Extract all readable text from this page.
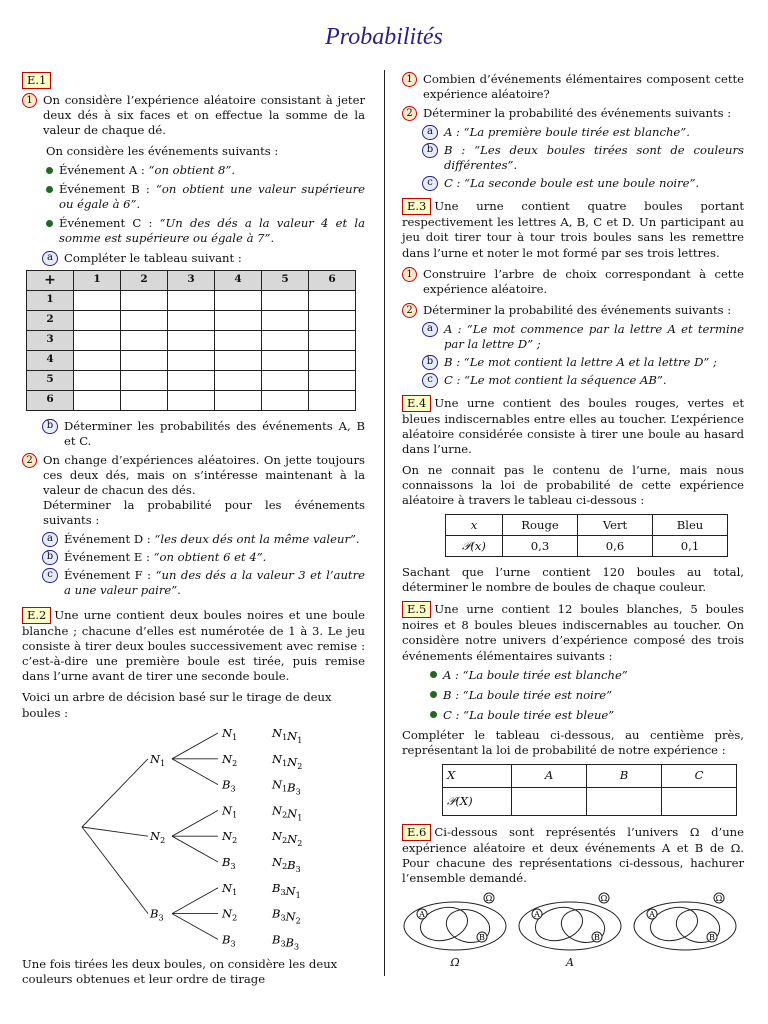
Probabilités
E.1
1 On considère l’expérience aléatoire consistant à jeter deux dés à six faces et on effectue la somme de la valeur de chaque dé.

On considère les événements suivants :

Événement A : “on obtient 8”.
Événement B : “on obtient une valeur supérieure ou égale à 6”.
Événement C : “Un des dés a la valeur 4 et la somme est supérieure ou égale à 7”.
a Compléter le tableau suivant :
+	1	2	3	4	5	6
1						
2						
3						
4						
5						
6						
b Déterminer les probabilités des événements A, B et C.
2 On change d’expériences aléatoires. On jette toujours ces deux dés, mais on s’intéresse maintenant à la valeur de chacun des dés.
Déterminer la probabilité pour les événements suivants :
a Événement D : “les deux dés ont la même valeur”.
b Événement E : “on obtient 6 et 4”.
c Événement F : “un des dés a la valeur 3 et l’autre a une valeur paire”.

E.2 Une urne contient deux boules noires et une boule blanche ; chacune d’elles est numérotée de 1 à 3. Le jeu consiste à tirer deux boules successivement avec remise : c’est-à-dire une première boule est tirée, puis remise dans l’urne avant de tirer une seconde boule.

Voici un arbre de décision basé sur le tirage de deux boules :

$N_1$
$N_1$	$N_1N_1$
$N_2$	$N_1N_2$
$B_3$	$N_1B_3$
$N_2$
$N_1$	$N_2N_1$
$N_2$	$N_2N_2$
$B_3$	$N_2B_3$
$B_3$
$N_1$	$B_3N_1$
$N_2$	$B_3N_2$
$B_3$	$B_3B_3$

Une fois tirées les deux boules, on considère les deux couleurs obtenues et leur ordre de tirage

1 Combien d’événements élémentaires composent cette expérience aléatoire?
2 Déterminer la probabilité des événements suivants :
a A : “La première boule tirée est blanche”.
b B : “Les deux boules tirées sont de couleurs différentes”.
c C : “La seconde boule est une boule noire”.

E.3 Une urne contient quatre boules portant respectivement les lettres A, B, C et D. Un participant au jeu doit tirer tour à tour trois boules sans les remettre dans l’urne et noter le mot formé par ses trois lettres.

1 Construire l’arbre de choix correspondant à cette expérience aléatoire.
2 Déterminer la probabilité des événements suivants :
a A : “Le mot commence par la lettre A et termine par la lettre D” ;
b B : “Le mot contient la lettre A et la lettre D” ;
c C : “Le mot contient la séquence AB”.

E.4 Une urne contient des boules rouges, vertes et bleues indiscernables entre elles au toucher. L’expérience aléatoire considérée consiste à tirer une boule au hasard dans l’urne.

On ne connait pas le contenu de l’urne, mais nous connaissons la loi de probabilité de cette expérience aléatoire à travers le tableau ci-dessous :

x	Rouge	Vert	Bleu
𝒫(x)	0,3	0,6	0,1

Sachant que l’urne contient 120 boules au total, déterminer le nombre de boules de chaque couleur.

E.5 Une urne contient 12 boules blanches, 5 boules noires et 8 boules bleues indiscernables au toucher. On considère notre univers d’expérience composé des trois événements élémentaires suivants :

A : “La boule tirée est blanche”
B : “La boule tirée est noire”
C : “La boule tirée est bleue”

Compléter le tableau ci-dessous, au centième près, représentant la loi de probabilité de notre expérience :

X	A	B	C
𝒫(X)			

E.6 Ci-dessous sont représentés l’univers Ω d’une expérience aléatoire et deux événements A et B de Ω. Pour chacune des représentations ci-dessous, hachurer l’ensemble demandé.

A
Ω
B
Ω
A
Ω
B
A
A
Ω
B
